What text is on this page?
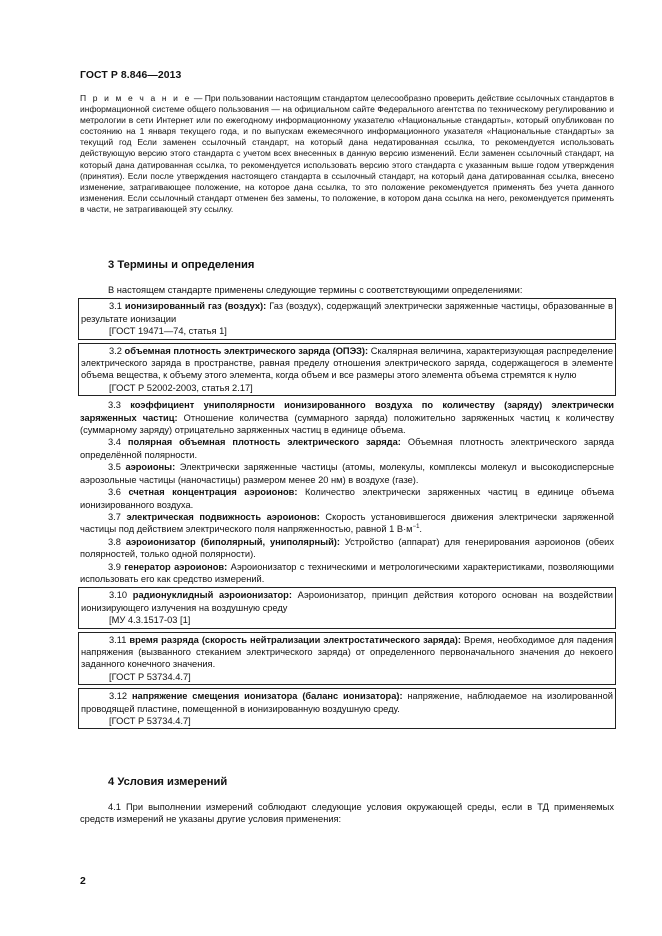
ГОСТ Р 8.846—2013
П р и м е ч а н и е — При пользовании настоящим стандартом целесообразно проверить действие ссылочных стандартов в информационной системе общего пользования — на официальном сайте Федерального агентства по техническому регулированию и метрологии в сети Интернет или по ежегодному информационному указателю «Национальные стандарты», который опубликован по состоянию на 1 января текущего года, и по выпускам ежемесячного информационного указателя «Национальные стандарты» за текущий год Если заменен ссылочный стандарт, на который дана недатированная ссылка, то рекомендуется использовать действующую версию этого стандарта с учетом всех внесенных в данную версию изменений. Если заменен ссылочный стандарт, на который дана датированная ссылка, то рекомендуется использовать версию этого стандарта с указанным выше годом утверждения (принятия). Если после утверждения настоящего стандарта в ссылочный стандарт, на который дана датированная ссылка, внесено изменение, затрагивающее положение, на которое дана ссылка, то это положение рекомендуется применять без учета данного изменения. Если ссылочный стандарт отменен без замены, то положение, в котором дана ссылка на него, рекомендуется применять в части, не затрагивающей эту ссылку.
3 Термины и определения

В настоящем стандарте применены следующие термины с соответствующими определениями:

3.1 ионизированный газ (воздух): Газ (воздух), содержащий электрически заряженные частицы, образованные в результате ионизации

[ГОСТ 19471—74, статья 1]

3.2 объемная плотность электрического заряда (ОПЭЗ): Скалярная величина, характеризующая распределение электрического заряда в пространстве, равная пределу отношения электрического заряда, содержащегося в элементе объема вещества, к объему этого элемента, когда объем и все размеры этого элемента объема стремятся к нулю

[ГОСТ Р 52002-2003, статья 2.17]

3.3 коэффициент униполярности ионизированного воздуха по количеству (заряду) электрически заряженных частиц: Отношение количества (суммарного заряда) положительно заряженных частиц к количеству (суммарному заряду) отрицательно заряженных частиц в единице объема.

3.4 полярная объемная плотность электрического заряда: Объемная плотность электрического заряда определённой полярности.

3.5 аэроионы: Электрически заряженные частицы (атомы, молекулы, комплексы молекул и высокодисперсные аэрозольные частицы (наночастицы) размером менее 20 нм) в воздухе (газе).

3.6 счетная концентрация аэроионов: Количество электрически заряженных частиц в единице объема ионизированного воздуха.

3.7 электрическая подвижность аэроионов: Скорость установившегося движения электрически заряженной частицы под действием электрического поля напряженностью, равной 1 $В\cdot м^{-1}$.

3.8 аэроионизатор (биполярный, униполярный): Устройство (аппарат) для генерирования аэроионов (обеих полярностей, только одной полярности).

3.9 генератор аэроионов: Аэроионизатор с техническими и метрологическими характеристиками, позволяющими использовать его как средство измерений.

3.10 радионуклидный аэроионизатор: Аэроионизатор, принцип действия которого основан на воздействии ионизирующего излучения на воздушную среду

[МУ 4.3.1517-03 [1]

3.11 время разряда (скорость нейтрализации электростатического заряда): Время, необходимое для падения напряжения (вызванного стеканием электрического заряда) от определенного первоначального значения до некоего заданного конечного значения.

[ГОСТ Р 53734.4.7]

3.12 напряжение смещения ионизатора (баланс ионизатора): напряжение, наблюдаемое на изолированной проводящей пластине, помещенной в ионизированную воздушную среду.

[ГОСТ Р 53734.4.7]

4 Условия измерений

4.1 При выполнении измерений соблюдают следующие условия окружающей среды, если в ТД применяемых средств измерений не указаны другие условия применения:

2
